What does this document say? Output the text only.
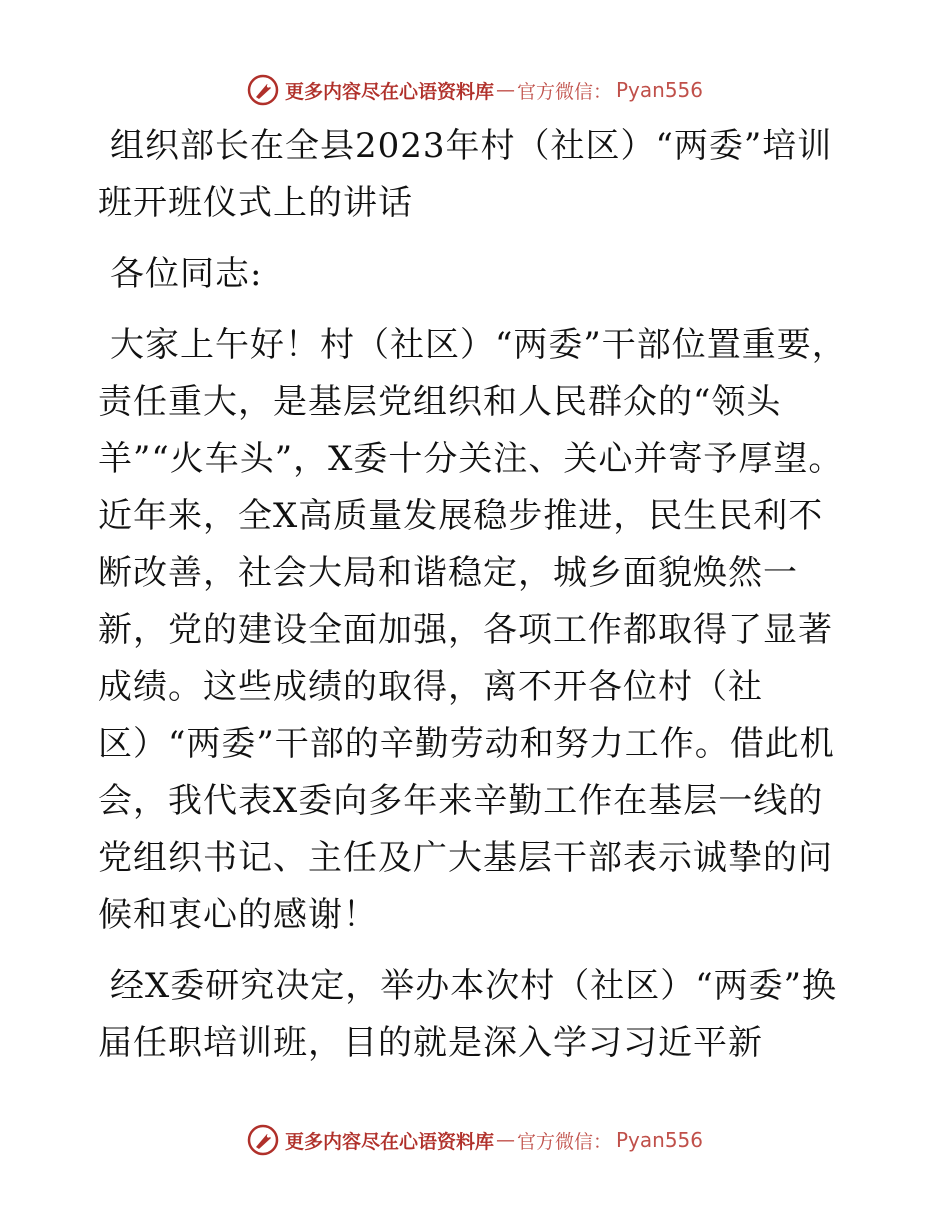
更多内容尽在心语资料库 — 官方微信： Pyan556

组织部长在全县2023年村（社区）“两委”培训班开班仪式上的讲话

各位同志:

大家上午好！村（社区）“两委”干部位置重要，责任重大，是基层党组织和人民群众的“领头羊”“火车头”，X委十分关注、关心并寄予厚望。近年来，全X高质量发展稳步推进，民生民利不断改善，社会大局和谐稳定，城乡面貌焕然一新，党的建设全面加强，各项工作都取得了显著成绩。这些成绩的取得，离不开各位村（社区）“两委”干部的辛勤劳动和努力工作。借此机会，我代表X委向多年来辛勤工作在基层一线的党组织书记、主任及广大基层干部表示诚挚的问候和衷心的感谢！

经X委研究决定，举办本次村（社区）“两委”换届任职培训班，目的就是深入学习习近平新

更多内容尽在心语资料库 — 官方微信： Pyan556
